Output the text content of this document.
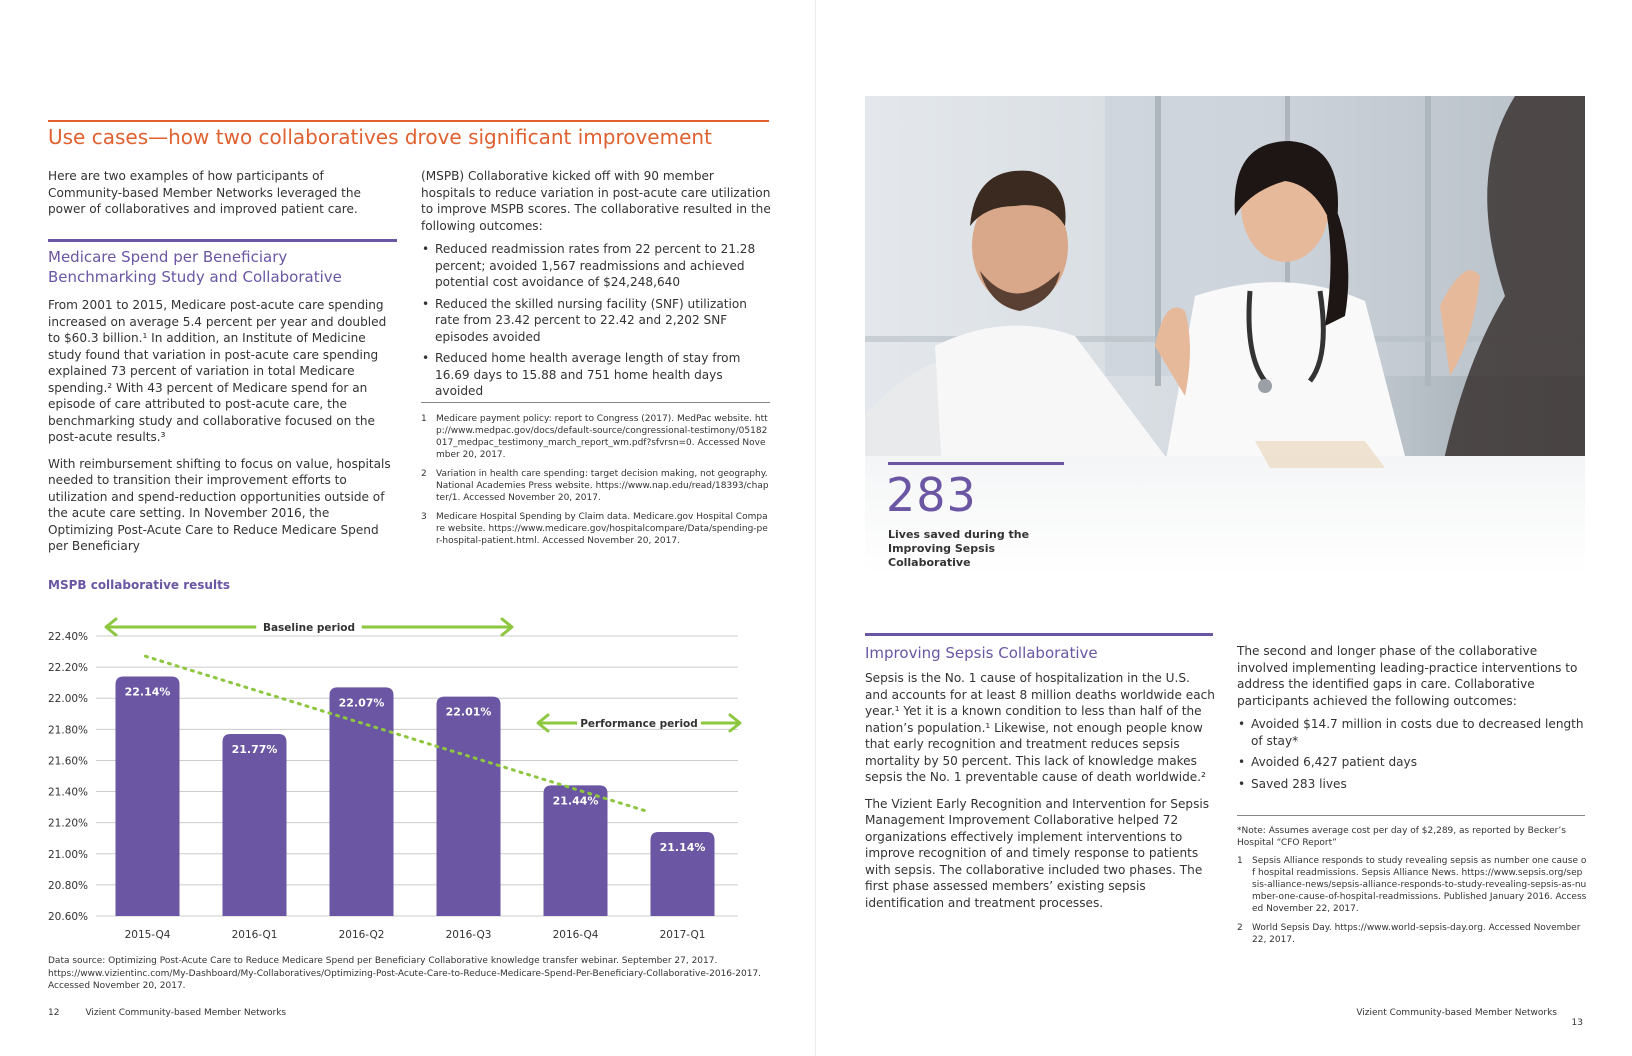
Use cases—how two collaboratives drove significant improvement
Here are two examples of how participants of Community-based Member Networks leveraged the power of collaboratives and improved patient care.
Medicare Spend per Beneficiary Benchmarking Study and Collaborative

From 2001 to 2015, Medicare post-acute care spending increased on average 5.4 percent per year and doubled to $60.3 billion.¹ In addition, an Institute of Medicine study found that variation in post-acute care spending explained 73 percent of variation in total Medicare spending.² With 43 percent of Medicare spend for an episode of care attributed to post-acute care, the benchmarking study and collaborative focused on the post-acute results.³

With reimbursement shifting to focus on value, hospitals needed to transition their improvement efforts to utilization and spend-reduction opportunities outside of the acute care setting. In November 2016, the Optimizing Post-Acute Care to Reduce Medicare Spend per Beneficiary

(MSPB) Collaborative kicked off with 90 member hospitals to reduce variation in post-acute care utilization to improve MSPB scores. The collaborative resulted in the following outcomes:

• Reduced readmission rates from 22 percent to 21.28 percent; avoided 1,567 readmissions and achieved potential cost avoidance of $24,248,640
• Reduced the skilled nursing facility (SNF) utilization rate from 23.42 percent to 22.42 and 2,202 SNF episodes avoided
• Reduced home health average length of stay from 16.69 days to 15.88 and 751 home health days avoided
1	Medicare payment policy: report to Congress (2017). MedPac website. http://www.medpac.gov/docs/default-source/congressional-testimony/05182017_medpac_testimony_march_report_wm.pdf?sfvrsn=0. Accessed November 20, 2017.
2	Variation in health care spending: target decision making, not geography. National Academies Press website. https://www.nap.edu/read/18393/chapter/1. Accessed November 20, 2017.
3	Medicare Hospital Spending by Claim data. Medicare.gov Hospital Compare website. https://www.medicare.gov/hospitalcompare/Data/spending-per-hospital-patient.html. Accessed November 20, 2017.
MSPB collaborative results
22.40%
22.20%
22.00%
21.80%
21.60%
21.40%
21.20%
21.00%
20.80%
20.60%
22.14%
2015-Q4
21.77%
2016-Q1
22.07%
2016-Q2
22.01%
2016-Q3
21.44%
2016-Q4
21.14%
2017-Q1
Baseline period
Performance period
Data source: Optimizing Post-Acute Care to Reduce Medicare Spend per Beneficiary Collaborative knowledge transfer webinar. September 27, 2017. https://www.vizientinc.com/My-Dashboard/My-Collaboratives/Optimizing-Post-Acute-Care-to-Reduce-Medicare-Spend-Per-Beneficiary-Collaborative-2016-2017. Accessed November 20, 2017.
12	Vizient Community-based Member Networks
283
Lives saved during the Improving Sepsis Collaborative
Improving Sepsis Collaborative

Sepsis is the No. 1 cause of hospitalization in the U.S. and accounts for at least 8 million deaths worldwide each year.¹ Yet it is a known condition to less than half of the nation’s population.¹ Likewise, not enough people know that early recognition and treatment reduces sepsis mortality by 50 percent. This lack of knowledge makes sepsis the No. 1 preventable cause of death worldwide.²

The Vizient Early Recognition and Intervention for Sepsis Management Improvement Collaborative helped 72 organizations effectively implement interventions to improve recognition of and timely response to patients with sepsis. The collaborative included two phases. The first phase assessed members’ existing sepsis identification and treatment processes.

The second and longer phase of the collaborative involved implementing leading-practice interventions to address the identified gaps in care. Collaborative participants achieved the following outcomes:

• Avoided $14.7 million in costs due to decreased length of stay*
• Avoided 6,427 patient days
• Saved 283 lives
*Note: Assumes average cost per day of $2,289, as reported by Becker’s Hospital “CFO Report”
1	Sepsis Alliance responds to study revealing sepsis as number one cause of hospital readmissions. Sepsis Alliance News. https://www.sepsis.org/sepsis-alliance-news/sepsis-alliance-responds-to-study-revealing-sepsis-as-number-one-cause-of-hospital-readmissions. Published January 2016. Accessed November 22, 2017.
2	World Sepsis Day. https://www.world-sepsis-day.org. Accessed November 22, 2017.
Vizient Community-based Member Networks13
